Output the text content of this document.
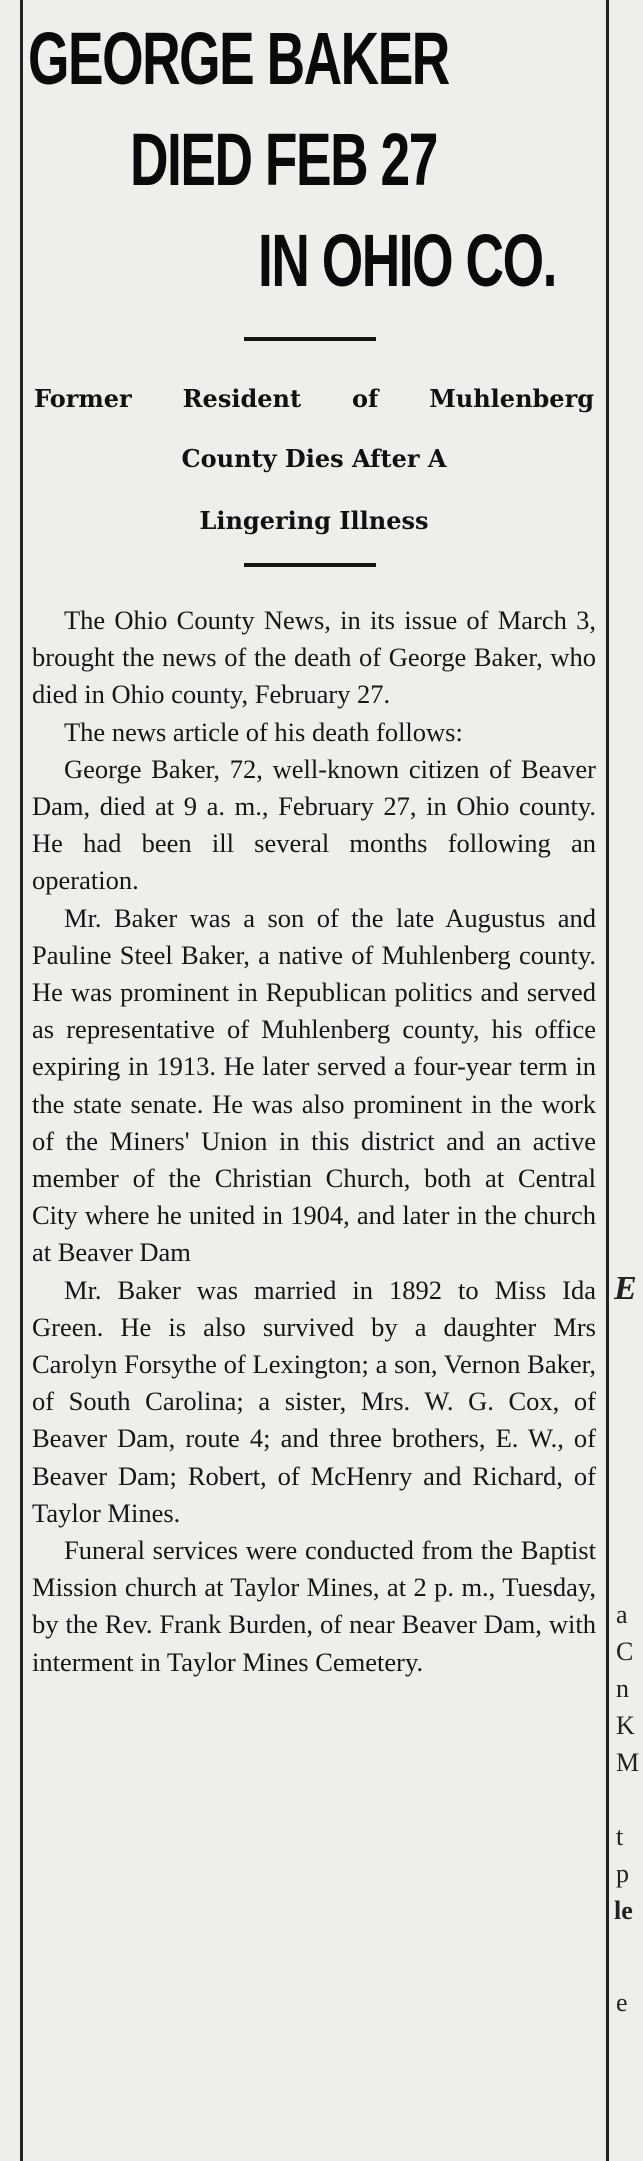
GEORGE BAKER
DIED FEB 27
IN OHIO CO.
Former Resident of Muhlenberg
County Dies After A
Lingering Illness

The Ohio County News, in its issue of March 3, brought the news of the death of George Baker, who died in Ohio county, February 27.

The news article of his death follows:

George Baker, 72, well-known citizen of Beaver Dam, died at 9 a. m., February 27, in Ohio county. He had been ill several months following an operation.

Mr. Baker was a son of the late Augustus and Pauline Steel Baker, a native of Muhlenberg county. He was prominent in Republican politics and served as representative of Muhlenberg county, his office expiring in 1913. He later served a four-year term in the state senate. He was also prominent in the work of the Miners' Union in this district and an active member of the Christian Church, both at Central City where he united in 1904, and later in the church at Beaver Dam

Mr. Baker was married in 1892 to Miss Ida Green. He is also survived by a daughter Mrs Carolyn Forsythe of Lexington; a son, Vernon Baker, of South Carolina; a sister, Mrs. W. G. Cox, of Beaver Dam, route 4; and three brothers, E. W., of Beaver Dam; Robert, of McHenry and Richard, of Taylor Mines.

Funeral services were conducted from the Baptist Mission church at Taylor Mines, at 2 p. m., Tuesday, by the Rev. Frank Burden, of near Beaver Dam, with interment in Taylor Mines Cemetery.

E
a
C
n
K
M
t
p
le
e
